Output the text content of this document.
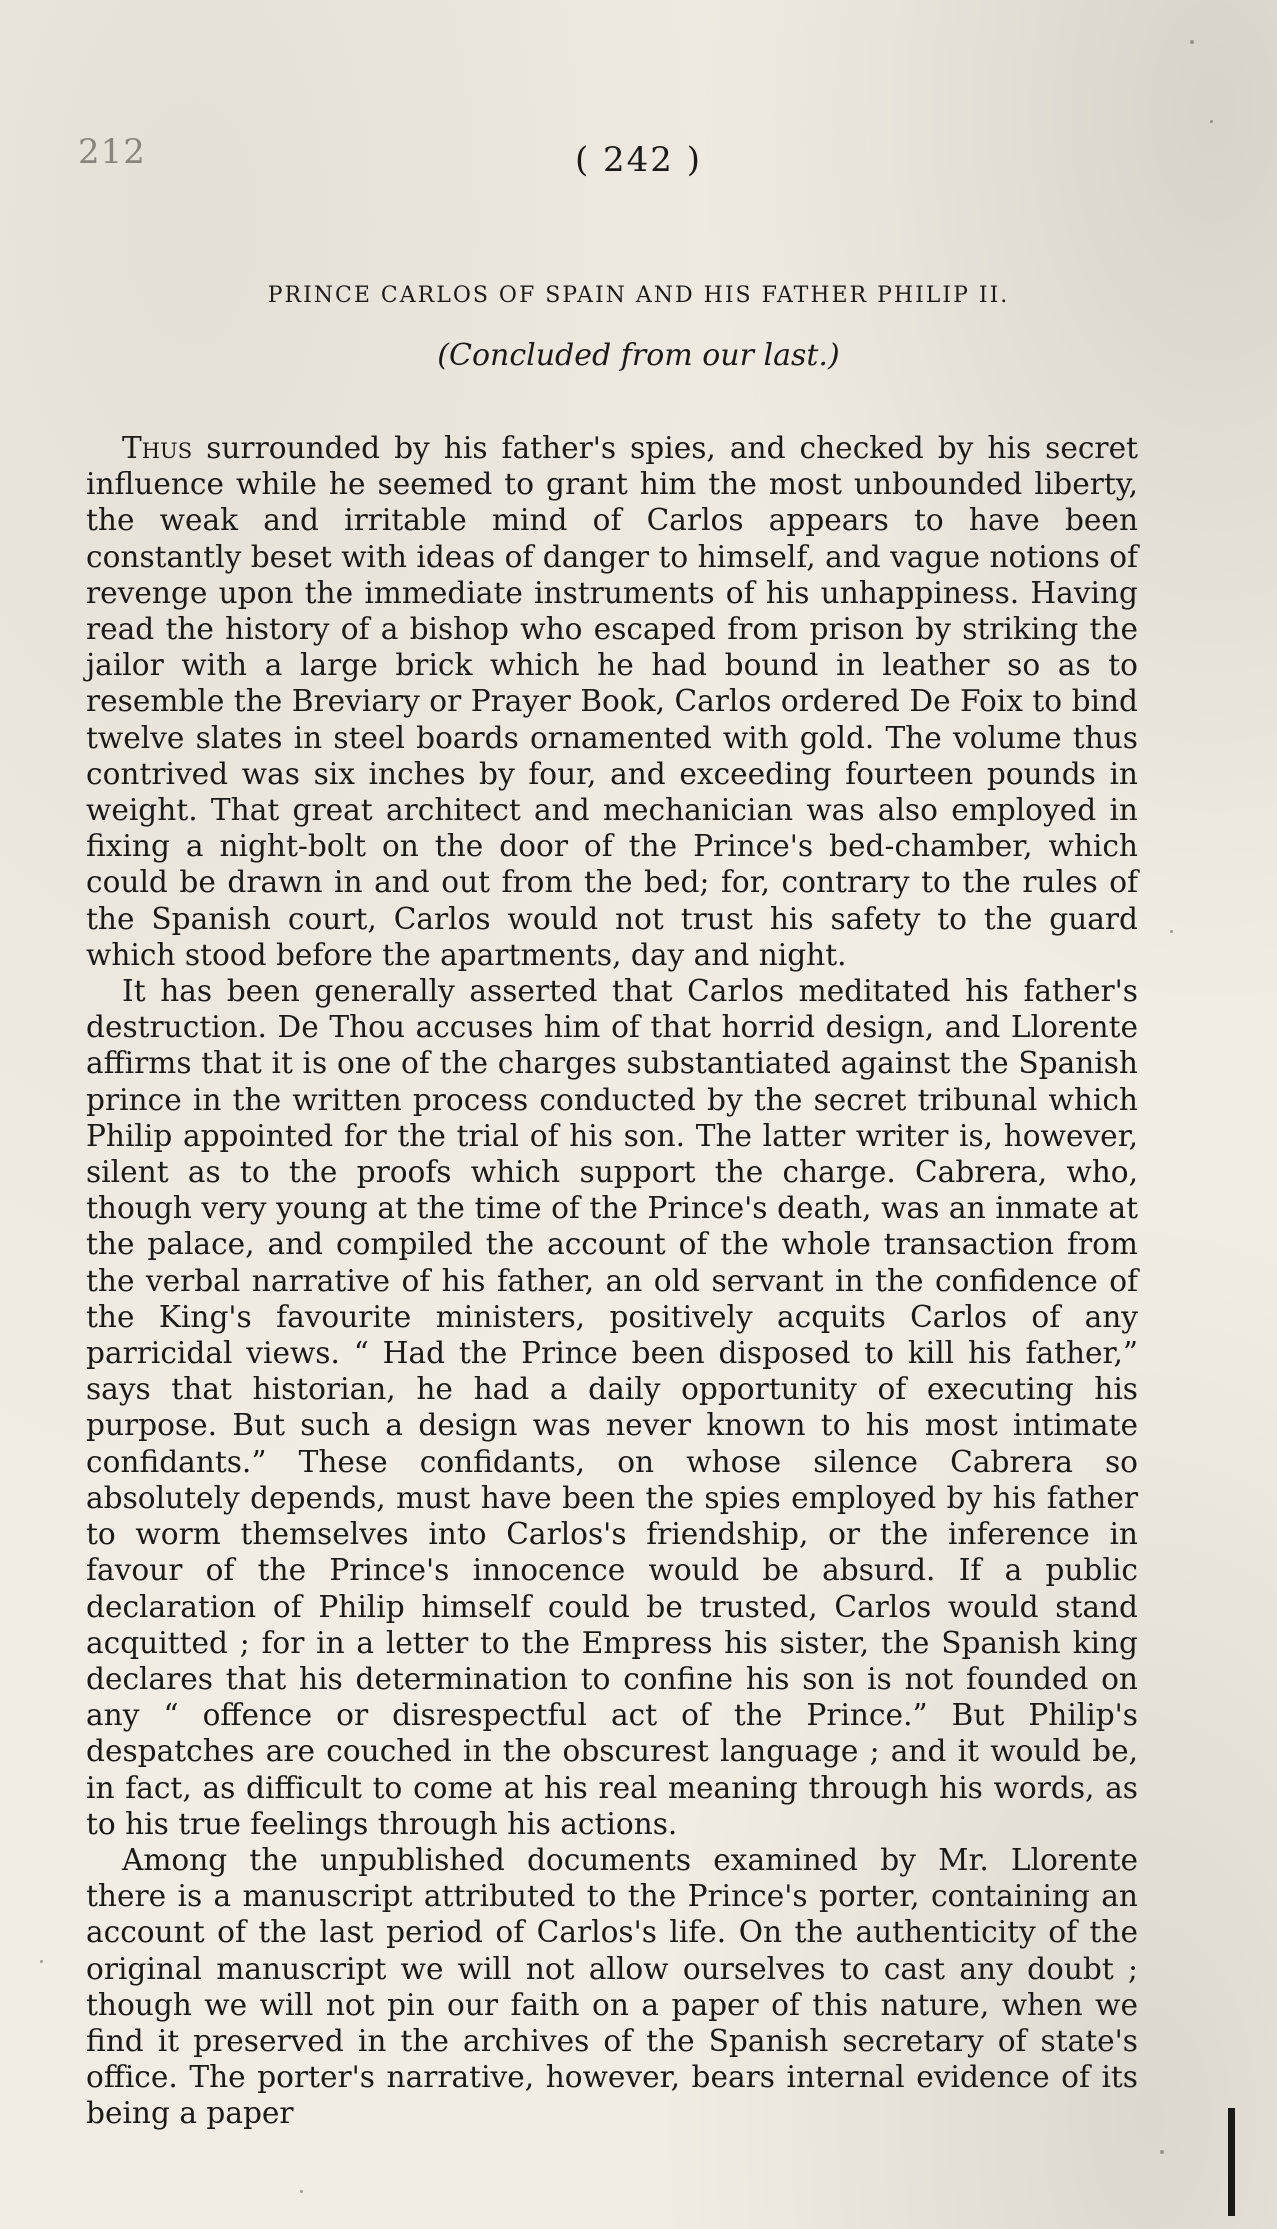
212	( 242 )
PRINCE CARLOS OF SPAIN AND HIS FATHER PHILIP II.
(Concluded from our last.)

Thus surrounded by his father's spies, and checked by his secret influence while he seemed to grant him the most unbounded liberty, the weak and irritable mind of Carlos appears to have been constantly beset with ideas of danger to himself, and vague notions of revenge upon the immediate instruments of his unhappiness. Having read the history of a bishop who escaped from prison by striking the jailor with a large brick which he had bound in leather so as to resemble the Breviary or Prayer Book, Carlos ordered De Foix to bind twelve slates in steel boards ornamented with gold. The volume thus contrived was six inches by four, and exceeding fourteen pounds in weight. That great architect and mechanician was also employed in fixing a night-bolt on the door of the Prince's bed-chamber, which could be drawn in and out from the bed; for, contrary to the rules of the Spanish court, Carlos would not trust his safety to the guard which stood before the apartments, day and night.

It has been generally asserted that Carlos meditated his father's destruction. De Thou accuses him of that horrid design, and Llorente affirms that it is one of the charges substantiated against the Spanish prince in the written process conducted by the secret tribunal which Philip appointed for the trial of his son. The latter writer is, however, silent as to the proofs which support the charge. Cabrera, who, though very young at the time of the Prince's death, was an inmate at the palace, and compiled the account of the whole transaction from the verbal narrative of his father, an old servant in the confidence of the King's favourite ministers, positively acquits Carlos of any parricidal views. “ Had the Prince been disposed to kill his father,” says that historian, he had a daily opportunity of executing his purpose. But such a design was never known to his most intimate confidants.” These confidants, on whose silence Cabrera so absolutely depends, must have been the spies employed by his father to worm themselves into Carlos's friendship, or the inference in favour of the Prince's innocence would be absurd. If a public declaration of Philip himself could be trusted, Carlos would stand acquitted ; for in a letter to the Empress his sister, the Spanish king declares that his determination to confine his son is not founded on any “ offence or disrespectful act of the Prince.” But Philip's despatches are couched in the obscurest language ; and it would be, in fact, as difficult to come at his real meaning through his words, as to his true feelings through his actions.

Among the unpublished documents examined by Mr. Llorente there is a manuscript attributed to the Prince's porter, containing an account of the last period of Carlos's life. On the authenticity of the original manuscript we will not allow ourselves to cast any doubt ; though we will not pin our faith on a paper of this nature, when we find it preserved in the archives of the Spanish secretary of state's office. The porter's narrative, however, bears internal evidence of its being a paper
